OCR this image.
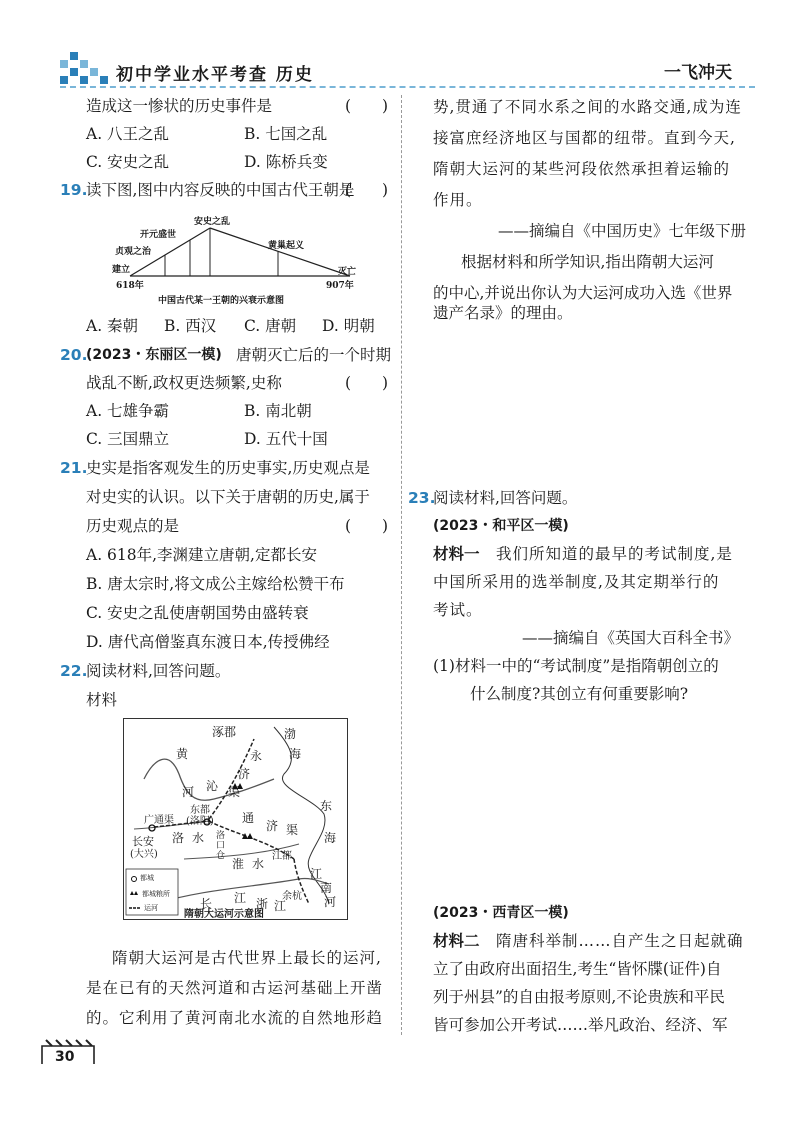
初中学业水平考查 历史	一飞冲天
造成这一惨状的历史事件是	(　　)
A. 八王之乱	B. 七国之乱
C. 安史之乱	D. 陈桥兵变
19.
读下图,图中内容反映的中国古代王朝是
(　　)
安史之乱
开元盛世
贞观之治
建立
618年
黄巢起义
灭亡
907年
中国古代某一王朝的兴衰示意图
A. 秦朝 B. 西汉 C. 唐朝 D. 明朝
20.
(2023・东丽区一模) 唐朝灭亡后的一个时期
战乱不断,政权更迭频繁,史称	(　　)
A. 七雄争霸	B. 南北朝
C. 三国鼎立	D. 五代十国
21.
史实是指客观发生的历史事实,历史观点是
对史实的认识。以下关于唐朝的历史,属于
历史观点的是	(　　)
A. 618年,李渊建立唐朝,定都长安
B. 唐太宗时,将文成公主嫁给松赞干布
C. 安史之乱使唐朝国势由盛转衰
D. 唐代高僧鉴真东渡日本,传授佛经
22.
阅读材料,回答问题。
材料
涿郡	渤
海
永
济
渠
黄
河 沁
东都
(洛阳) 通
济 渠
洛 水
广通渠
长安
(大兴)
洛口仓
淮 水
东
海
江都
余杭
江
南
河
长 江 浙 江
都城
都城粮所
运河
隋朝大运河示意图
隋朝大运河是古代世界上最长的运河,
是在已有的天然河道和古运河基础上开凿
的。它利用了黄河南北水流的自然地形趋
30
势,贯通了不同水系之间的水路交通,成为连
接富庶经济地区与国都的纽带。直到今天,
隋朝大运河的某些河段依然承担着运输的
作用。
——摘编自《中国历史》七年级下册
根据材料和所学知识,指出隋朝大运河
的中心,并说出你认为大运河成功入选《世界
遗产名录》的理由。
23.
阅读材料,回答问题。
(2023・和平区一模)
材料一 我们所知道的最早的考试制度,是
中国所采用的选举制度,及其定期举行的
考试。
——摘编自《英国大百科全书》
(1)材料一中的“考试制度”是指隋朝创立的
什么制度?其创立有何重要影响?
(2023・西青区一模)
材料二 隋唐科举制……自产生之日起就确
立了由政府出面招生,考生“皆怀牒(证件)自
列于州县”的自由报考原则,不论贵族和平民
皆可参加公开考试……举凡政治、经济、军
